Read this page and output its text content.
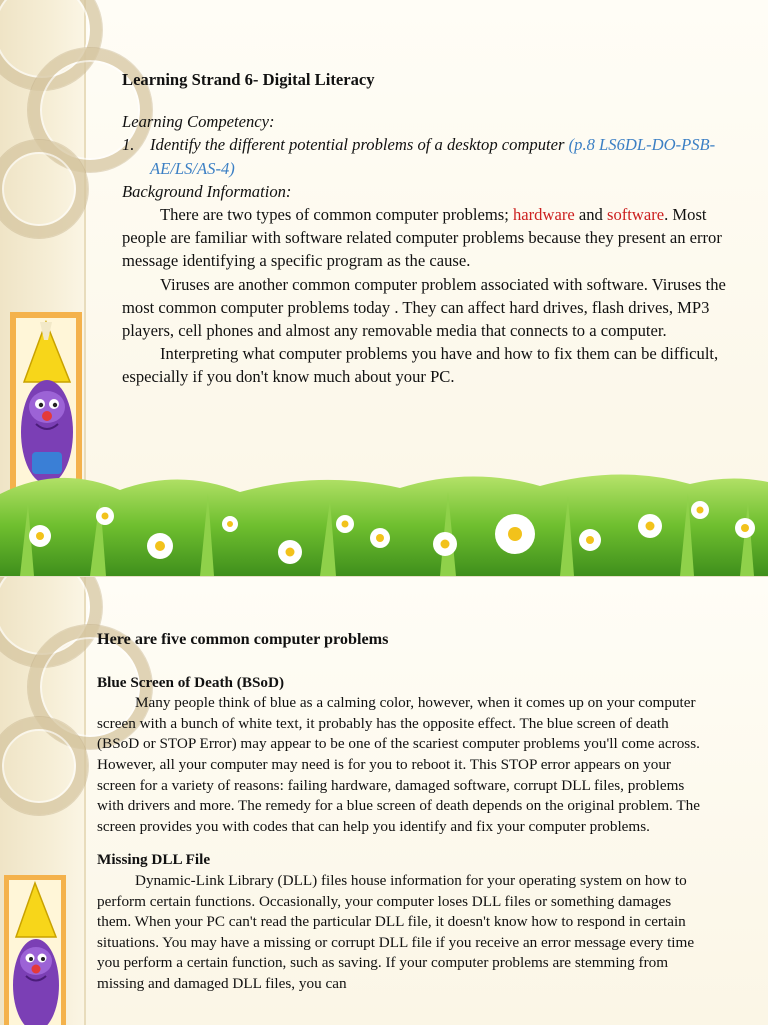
Learning Strand 6- Digital Literacy

Learning Competency:
1. Identify the different potential problems of a desktop computer (p.8 LS6DL-DO-PSB-AE/LS/AS-4)
Background Information:

There are two types of common computer problems; hardware and software. Most people are familiar with software related computer problems because they present an error message identifying a specific program as the cause.

Viruses are another common computer problem associated with software. Viruses the most common computer problems today . They can affect hard drives, flash drives, MP3 players, cell phones and almost any removable media that connects to a computer.

Interpreting what computer problems you have and how to fix them can be difficult, especially if you don't know much about your PC.

Here are five common computer problems

Blue Screen of Death (BSoD)

Many people think of blue as a calming color, however, when it comes up on your computer screen with a bunch of white text, it probably has the opposite effect. The blue screen of death (BSoD or STOP Error) may appear to be one of the scariest computer problems you'll come across. However, all your computer may need is for you to reboot it. This STOP error appears on your screen for a variety of reasons: failing hardware, damaged software, corrupt DLL files, problems with drivers and more. The remedy for a blue screen of death depends on the original problem. The screen provides you with codes that can help you identify and fix your computer problems.

Missing DLL File

Dynamic-Link Library (DLL) files house information for your operating system on how to perform certain functions. Occasionally, your computer loses DLL files or something damages them. When your PC can't read the particular DLL file, it doesn't know how to respond in certain situations. You may have a missing or corrupt DLL file if you receive an error message every time you perform a certain function, such as saving. If your computer problems are stemming from missing and damaged DLL files, you can
